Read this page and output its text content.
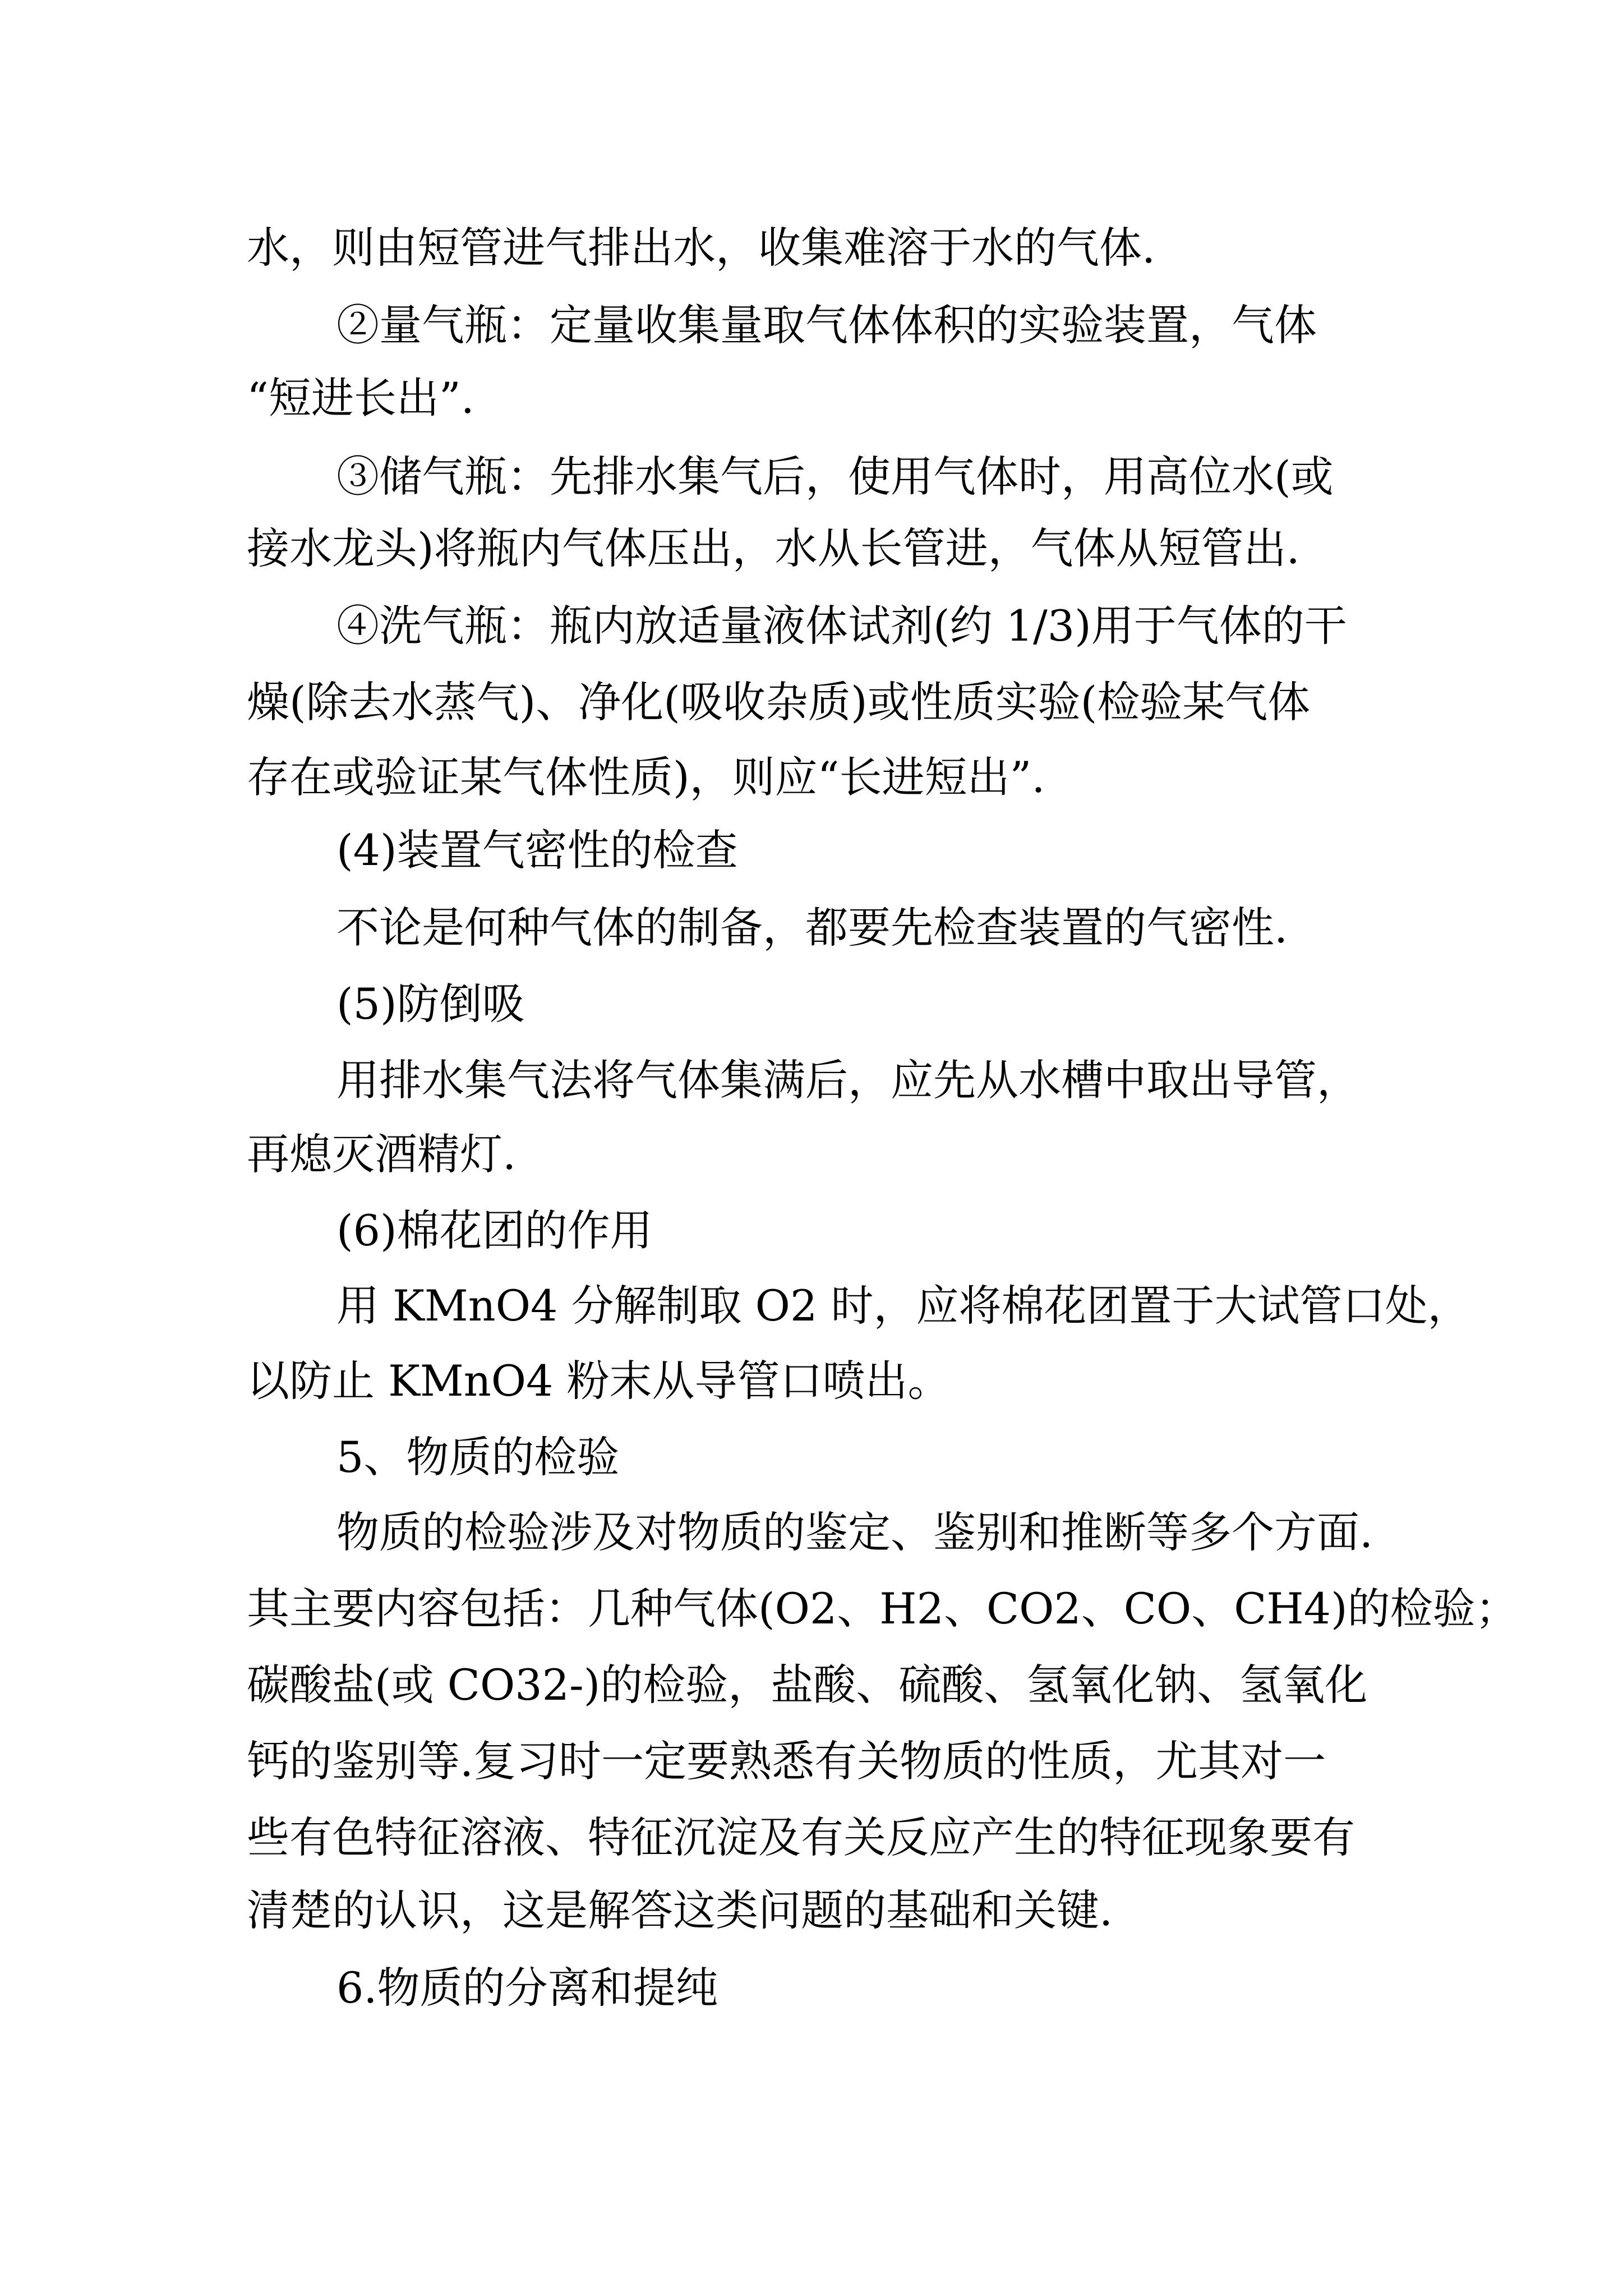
水，则由短管进气排出水，收集难溶于水的气体.
②量气瓶：定量收集量取气体体积的实验装置，气体
“短进长出”.
③储气瓶：先排水集气后，使用气体时，用高位水(或
接水龙头)将瓶内气体压出，水从长管进，气体从短管出.
④洗气瓶：瓶内放适量液体试剂(约 1/3)用于气体的干
燥(除去水蒸气)、净化(吸收杂质)或性质实验(检验某气体
存在或验证某气体性质)，则应“长进短出”.
(4)装置气密性的检查
不论是何种气体的制备，都要先检查装置的气密性.
(5)防倒吸
用排水集气法将气体集满后，应先从水槽中取出导管，
再熄灭酒精灯.
(6)棉花团的作用
用 KMnO4 分解制取 O2 时，应将棉花团置于大试管口处，
以防止 KMnO4 粉末从导管口喷出。
5、物质的检验
物质的检验涉及对物质的鉴定、鉴别和推断等多个方面.
其主要内容包括：几种气体(O2、H2、CO2、CO、CH4)的检验；
碳酸盐(或 CO32-)的检验，盐酸、硫酸、氢氧化钠、氢氧化
钙的鉴别等.复习时一定要熟悉有关物质的性质，尤其对一
些有色特征溶液、特征沉淀及有关反应产生的特征现象要有
清楚的认识，这是解答这类问题的基础和关键.
6.物质的分离和提纯
